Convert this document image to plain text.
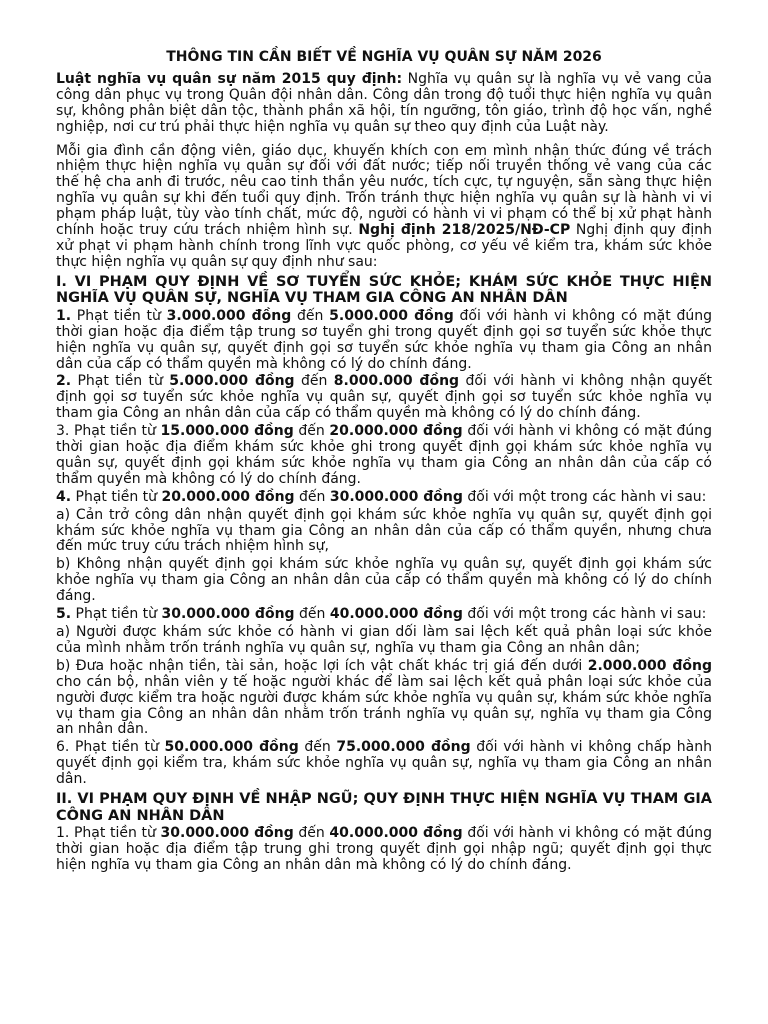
THÔNG TIN CẦN BIẾT VỀ NGHĨA VỤ QUÂN SỰ NĂM 2026

Luật nghĩa vụ quân sự năm 2015 quy định: Nghĩa vụ quân sự là nghĩa vụ vẻ vang của công dân phục vụ trong Quân đội nhân dân. Công dân trong độ tuổi thực hiện nghĩa vụ quân sự, không phân biệt dân tộc, thành phần xã hội, tín ngưỡng, tôn giáo, trình độ học vấn, nghề nghiệp, nơi cư trú phải thực hiện nghĩa vụ quân sự theo quy định của Luật này.

Mỗi gia đình cần động viên, giáo dục, khuyến khích con em mình nhận thức đúng về trách nhiệm thực hiện nghĩa vụ quân sự đối với đất nước; tiếp nối truyền thống vẻ vang của các thế hệ cha anh đi trước, nêu cao tinh thần yêu nước, tích cực, tự nguyện, sẵn sàng thực hiện nghĩa vụ quân sự khi đến tuổi quy định. Trốn tránh thực hiện nghĩa vụ quân sự là hành vi vi phạm pháp luật, tùy vào tính chất, mức độ, người có hành vi vi phạm có thể bị xử phạt hành chính hoặc truy cứu trách nhiệm hình sự. Nghị định 218/2025/NĐ-CP Nghị định quy định xử phạt vi phạm hành chính trong lĩnh vực quốc phòng, cơ yếu về kiểm tra, khám sức khỏe thực hiện nghĩa vụ quân sự quy định như sau:

I. VI PHẠM QUY ĐỊNH VỀ SƠ TUYỂN SỨC KHỎE; KHÁM SỨC KHỎE THỰC HIỆN NGHĨA VỤ QUÂN SỰ, NGHĨA VỤ THAM GIA CÔNG AN NHÂN DÂN

1. Phạt tiền từ 3.000.000 đồng đến 5.000.000 đồng đối với hành vi không có mặt đúng thời gian hoặc địa điểm tập trung sơ tuyển ghi trong quyết định gọi sơ tuyển sức khỏe thực hiện nghĩa vụ quân sự, quyết định gọi sơ tuyển sức khỏe nghĩa vụ tham gia Công an nhân dân của cấp có thẩm quyền mà không có lý do chính đáng.

2. Phạt tiền từ 5.000.000 đồng đến 8.000.000 đồng đối với hành vi không nhận quyết định gọi sơ tuyển sức khỏe nghĩa vụ quân sự, quyết định gọi sơ tuyển sức khỏe nghĩa vụ tham gia Công an nhân dân của cấp có thẩm quyền mà không có lý do chính đáng.

3. Phạt tiền từ 15.000.000 đồng đến 20.000.000 đồng đối với hành vi không có mặt đúng thời gian hoặc địa điểm khám sức khỏe ghi trong quyết định gọi khám sức khỏe nghĩa vụ quân sự, quyết định gọi khám sức khỏe nghĩa vụ tham gia Công an nhân dân của cấp có thẩm quyền mà không có lý do chính đáng.

4. Phạt tiền từ 20.000.000 đồng đến 30.000.000 đồng đối với một trong các hành vi sau:

a) Cản trở công dân nhận quyết định gọi khám sức khỏe nghĩa vụ quân sự, quyết định gọi khám sức khỏe nghĩa vụ tham gia Công an nhân dân của cấp có thẩm quyền, nhưng chưa đến mức truy cứu trách nhiệm hình sự,

b) Không nhận quyết định gọi khám sức khỏe nghĩa vụ quân sự, quyết định gọi khám sức khỏe nghĩa vụ tham gia Công an nhân dân của cấp có thẩm quyền mà không có lý do chính đáng.

5. Phạt tiền từ 30.000.000 đồng đến 40.000.000 đồng đối với một trong các hành vi sau:

a) Người được khám sức khỏe có hành vi gian dối làm sai lệch kết quả phân loại sức khỏe của mình nhằm trốn tránh nghĩa vụ quân sự, nghĩa vụ tham gia Công an nhân dân;

b) Đưa hoặc nhận tiền, tài sản, hoặc lợi ích vật chất khác trị giá đến dưới 2.000.000 đồng cho cán bộ, nhân viên y tế hoặc người khác để làm sai lệch kết quả phân loại sức khỏe của người được kiểm tra hoặc người được khám sức khỏe nghĩa vụ quân sự, khám sức khỏe nghĩa vụ tham gia Công an nhân dân nhằm trốn tránh nghĩa vụ quân sự, nghĩa vụ tham gia Công an nhân dân.

6. Phạt tiền từ 50.000.000 đồng đến 75.000.000 đồng đối với hành vi không chấp hành quyết định gọi kiểm tra, khám sức khỏe nghĩa vụ quân sự, nghĩa vụ tham gia Công an nhân dân.

II. VI PHẠM QUY ĐỊNH VỀ NHẬP NGŨ; QUY ĐỊNH THỰC HIỆN NGHĨA VỤ THAM GIA CÔNG AN NHÂN DÂN

1. Phạt tiền từ 30.000.000 đồng đến 40.000.000 đồng đối với hành vi không có mặt đúng thời gian hoặc địa điểm tập trung ghi trong quyết định gọi nhập ngũ; quyết định gọi thực hiện nghĩa vụ tham gia Công an nhân dân mà không có lý do chính đáng.
